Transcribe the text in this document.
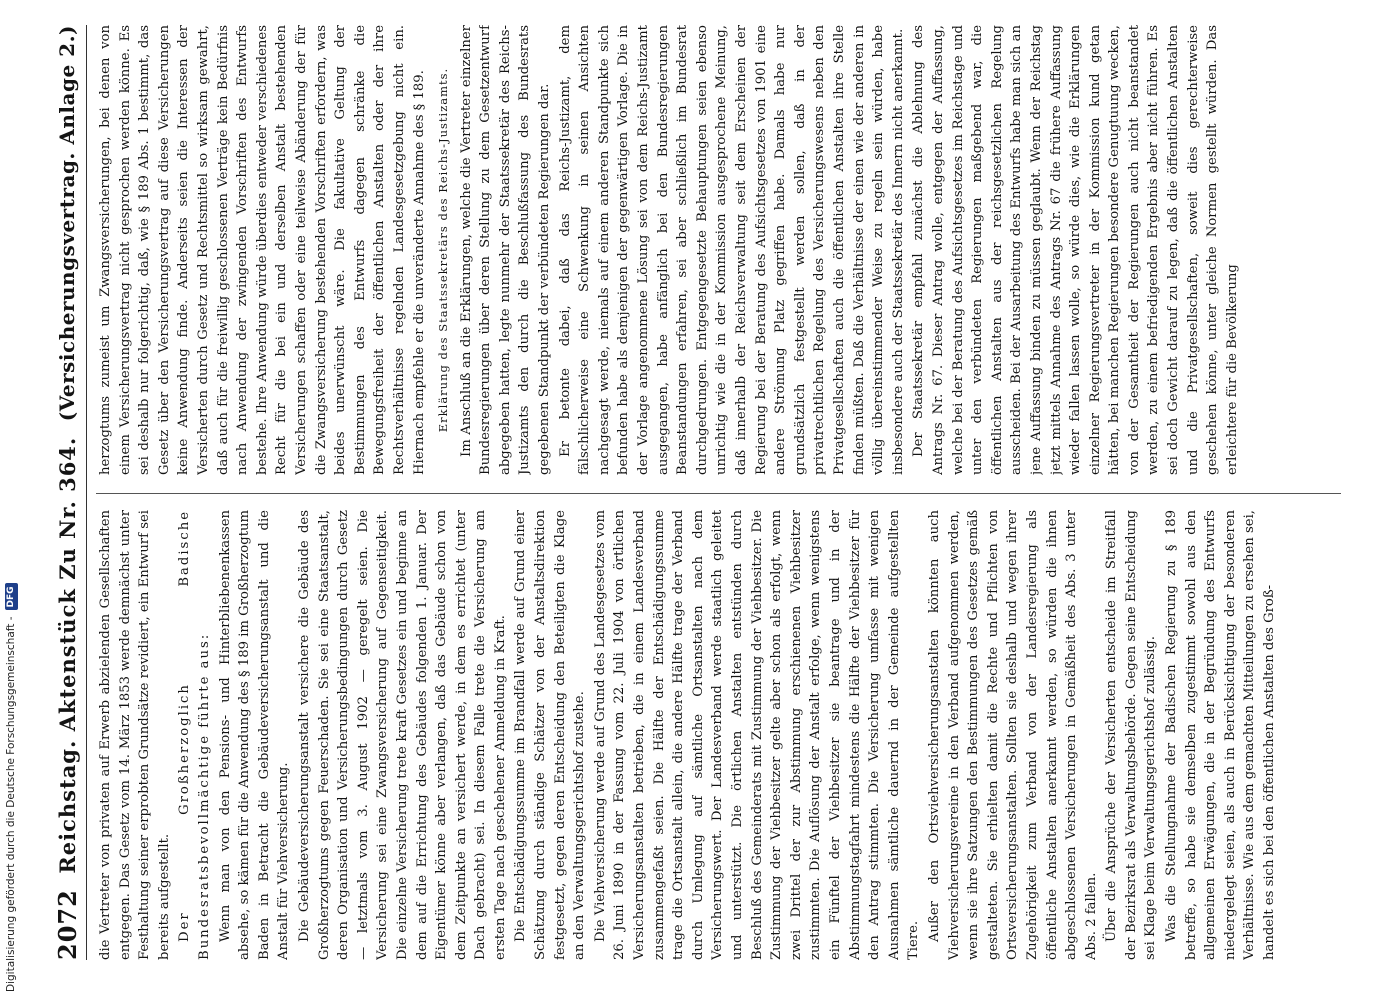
2072
Reichstag. Aktenstück Zu Nr. 364.
(Versicherungsvertrag. Anlage 2.)

die Vertreter von privaten auf Erwerb abzielenden Gesellschaften entgegen. Das Gesetz vom 14. März 1853 werde demnächst unter Festhaltung seiner erprobten Grundsätze revidiert, ein Entwurf sei bereits aufgestellt. Der Großherzoglich Badische Bundesratsbevollmächtige führte aus: Wenn man von den Pensions- und Hinterbliebenenkassen absehe, so kämen für die Anwendung des § 189 im Großherzogtum Baden in Betracht die Gebäudeversicherungsanstalt und die Anstalt für Viehversicherung. Die Gebäudeversicherungsanstalt versichere die Gebäude des Großherzogtums gegen Feuerschaden. Sie sei eine Staatsanstalt, deren Organisation und Versicherungsbedingungen durch Gesetz — letztmals vom 3. August 1902 — geregelt seien. Die Versicherung sei eine Zwangsversicherung auf Gegenseitigkeit. Die einzelne Versicherung trete kraft Gesetzes ein und beginne an dem auf die Errichtung des Gebäudes folgenden 1. Januar. Der Eigentümer könne aber verlangen, daß das Gebäude schon von dem Zeitpunkte an versichert werde, in dem es errichtet (unter Dach gebracht) sei. In diesem Falle trete die Versicherung am ersten Tage nach geschehener Anmeldung in Kraft. Die Entschädigungssumme im Brandfall werde auf Grund einer Schätzung durch ständige Schätzer von der Anstaltsdirektion festgesetzt, gegen deren Entscheidung den Beteiligten die Klage an den Verwaltungsgerichtshof zustehe. Die Viehversicherung werde auf Grund des Landesgesetzes vom 26. Juni 1890 in der Fassung vom 22. Juli 1904 von örtlichen Versicherungsanstalten betrieben, die in einem Landesverband zusammengefaßt seien. Die Hälfte der Entschädigungssumme trage die Ortsanstalt allein, die andere Hälfte trage der Verband durch Umlegung auf sämtliche Ortsanstalten nach dem Versicherungswert. Der Landesverband werde staatlich geleitet und unterstützt. Die örtlichen Anstalten entstünden durch Beschluß des Gemeinderats mit Zustimmung der Viehbesitzer. Die Zustimmung der Viehbesitzer gelte aber schon als erfolgt, wenn zwei Drittel der zur Abstimmung erschienenen Viehbesitzer zustimmten. Die Auflösung der Anstalt erfolge, wenn wenigstens ein Fünftel der Viehbesitzer sie beantrage und in der Abstimmungstagfahrt mindestens die Hälfte der Viehbesitzer für den Antrag stimmten. Die Versicherung umfasse mit wenigen Ausnahmen sämtliche dauernd in der Gemeinde aufgestellten Tiere. Außer den Ortsviehversicherungsanstalten könnten auch Viehversicherungsvereine in den Verband aufgenommen werden, wenn sie ihre Satzungen den Bestimmungen des Gesetzes gemäß gestalteten. Sie erhielten damit die Rechte und Pflichten von Ortsversicherungsanstalten. Sollten sie deshalb und wegen ihrer Zugehörigkeit zum Verband von der Landesregierung als öffentliche Anstalten anerkannt werden, so würden die ihnen abgeschlossenen Versicherungen in Gemäßheit des Abs. 3 unter Abs. 2 fallen. Über die Ansprüche der Versicherten entscheide im Streitfall der Bezirksrat als Verwaltungsbehörde. Gegen seine Entscheidung sei Klage beim Verwaltungsgerichtshof zulässig. Was die Stellungnahme der Badischen Regierung zu § 189 betreffe, so habe sie demselben zugestimmt sowohl aus den allgemeinen Erwägungen, die in der Begründung des Entwurfs niedergelegt seien, als auch in Berücksichtigung der besonderen Verhältnisse. Wie aus dem gemachten Mitteilungen zu ersehen sei, handelt es sich bei den öffentlichen Anstalten des Groß-

herzogtums zumeist um Zwangsversicherungen, bei denen von einem Versicherungsvertrag nicht gesprochen werden könne. Es sei deshalb nur folgerichtig, daß, wie § 189 Abs. 1 bestimmt, das Gesetz über den Versicherungsvertrag auf diese Versicherungen keine Anwendung finde. Anderseits seien die Interessen der Versicherten durch Gesetz und Rechtsmittel so wirksam gewahrt, daß auch für die freiwillig geschlossenen Verträge kein Bedürfnis nach Anwendung der zwingenden Vorschriften des Entwurfs bestehe. Ihre Anwendung würde überdies entweder verschiedenes Recht für die bei ein und derselben Anstalt bestehenden Versicherungen schaffen oder eine teilweise Abänderung der für die Zwangsversicherung bestehenden Vorschriften erfordern, was beides unerwünscht wäre. Die fakultative Geltung der Bestimmungen des Entwurfs dagegen schränke die Bewegungsfreiheit der öffentlichen Anstalten oder der ihre Rechtsverhältnisse regelnden Landesgesetzgebung nicht ein. Hiernach empfehle er die unveränderte Annahme des § 189. Erklärung des Staatssekretärs des Reichs-Justizamts. Im Anschluß an die Erklärungen, welche die Vertreter einzelner Bundesregierungen über deren Stellung zu dem Gesetzentwurf abgegeben hatten, legte nunmehr der Staatssekretär des Reichs-Justizamts den durch die Beschlußfassung des Bundesrats gegebenen Standpunkt der verbündeten Regierungen dar. Er betonte dabei, daß das Reichs-Justizamt, dem fälschlicherweise eine Schwenkung in seinen Ansichten nachgesagt werde, niemals auf einem anderen Standpunkte sich befunden habe als demjenigen der gegenwärtigen Vorlage. Die in der Vorlage angenommene Lösung sei von dem Reichs-Justizamt ausgegangen, habe anfänglich bei den Bundesregierungen Beanstandungen erfahren, sei aber schließlich im Bundesrat durchgedrungen. Entgegengesetzte Behauptungen seien ebenso unrichtig wie die in der Kommission ausgesprochene Meinung, daß innerhalb der Reichsverwaltung seit dem Erscheinen der Regierung bei der Beratung des Aufsichtsgesetzes von 1901 eine andere Strömung Platz gegriffen habe. Damals habe nur grundsätzlich festgestellt werden sollen, daß in der privatrechtlichen Regelung des Versicherungswesens neben den Privatgesellschaften auch die öffentlichen Anstalten ihre Stelle finden müßten. Daß die Verhältnisse der einen wie der anderen in völlig übereinstimmender Weise zu regeln sein würden, habe insbesondere auch der Staatssekretär des Innern nicht anerkannt. Der Staatssekretär empfahl zunächst die Ablehnung des Antrags Nr. 67. Dieser Antrag wolle, entgegen der Auffassung, welche bei der Beratung des Aufsichtsgesetzes im Reichstage und unter den verbündeten Regierungen maßgebend war, die öffentlichen Anstalten aus der reichsgesetzlichen Regelung ausscheiden. Bei der Ausarbeitung des Entwurfs habe man sich an jene Auffassung binden zu müssen geglaubt. Wenn der Reichstag jetzt mittels Annahme des Antrags Nr. 67 die frühere Auffassung wieder fallen lassen wolle, so würde dies, wie die Erklärungen einzelner Regierungsvertreter in der Kommission kund getan hätten, bei manchen Regierungen besondere Genugtuung wecken, von der Gesamtheit der Regierungen auch nicht beanstandet werden, zu einem befriedigenden Ergebnis aber nicht führen. Es sei doch Gewicht darauf zu legen, daß die öffentlichen Anstalten und die Privatgesellschaften, soweit dies gerechterweise geschehen könne, unter gleiche Normen gestellt würden. Das erleichtere für die Bevölkerung

Digitalisierung gefördert durch die Deutsche Forschungsgemeinschaft -
DFG
